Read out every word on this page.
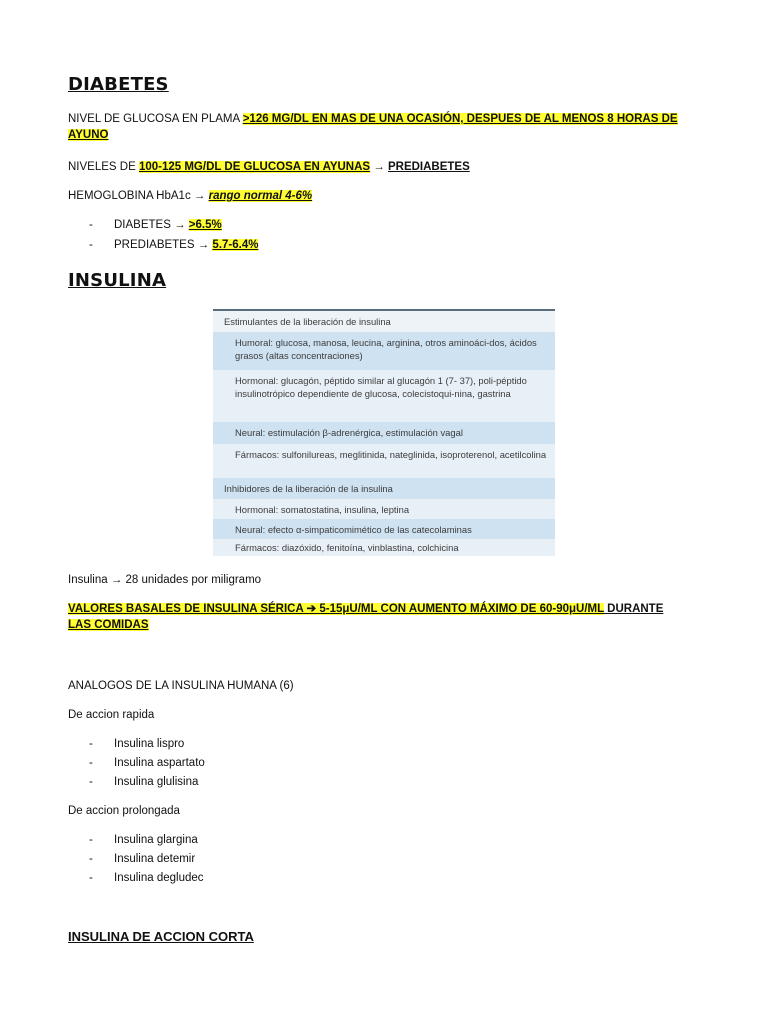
DIABETES
NIVEL DE GLUCOSA EN PLAMA >126 MG/DL EN MAS DE UNA OCASIÓN, DESPUES DE AL MENOS 8 HORAS DE
AYUNO
NIVELES DE 100-125 MG/DL DE GLUCOSA EN AYUNAS → PREDIABETES
HEMOGLOBINA HbA1c → rango normal 4-6%
- DIABETES → >6.5%
- PREDIABETES → 5.7-6.4%
INSULINA
Estimulantes de la liberación de insulina
Humoral: glucosa, manosa, leucina, arginina, otros aminoáci-dos, ácidos grasos (altas concentraciones)
Hormonal: glucagón, péptido similar al glucagón 1 (7- 37), poli-péptido insulinotrópico dependiente de glucosa, colecistoqui-nina, gastrina
Neural: estimulación β-adrenérgica, estimulación vagal
Fármacos: sulfonilureas, meglitinida, nateglinida, isoproterenol, acetilcolina
Inhibidores de la liberación de la insulina
Hormonal: somatostatina, insulina, leptina
Neural: efecto α-simpaticomimético de las catecolaminas
Fármacos: diazóxido, fenitoína, vinblastina, colchicina
Insulina → 28 unidades por miligramo
VALORES BASALES DE INSULINA SÉRICA ➔ 5-15μU/ML CON AUMENTO MÁXIMO DE 60-90μU/ML DURANTE
LAS COMIDAS
ANALOGOS DE LA INSULINA HUMANA (6)
De accion rapida
- Insulina lispro
- Insulina aspartato
- Insulina glulisina
De accion prolongada
- Insulina glargina
- Insulina detemir
- Insulina degludec
INSULINA DE ACCION CORTA
